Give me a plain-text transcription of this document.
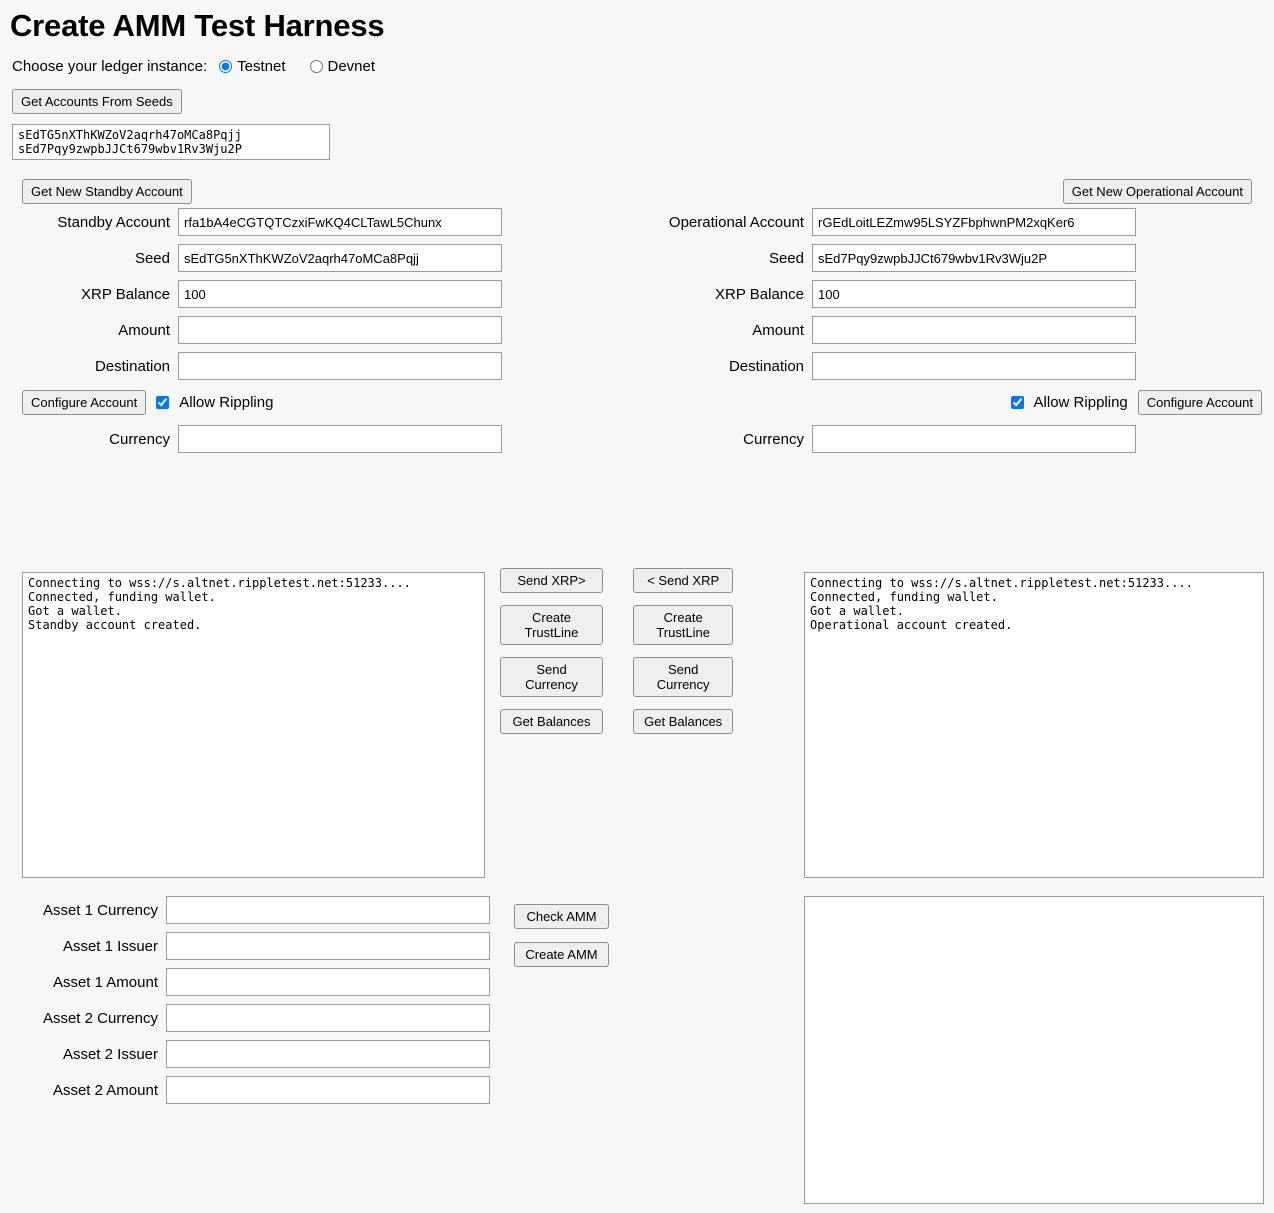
Create AMM Test Harness
Choose your ledger instance: Testnet	Devnet
Get Accounts From Seeds
sEdTG5nXThKWZoV2aqrh47oMCa8Pqjj sEd7Pqy9zwpbJJCt679wbv1Rv3Wju2P
Get New Standby Account
Standby Account
rfa1bA4eCGTQTCzxiFwKQ4CLTawL5Chunx
Seed
sEdTG5nXThKWZoV2aqrh47oMCa8Pqjj
XRP Balance
100
Amount
Destination
Configure Account	Allow Rippling
Currency
Get New Operational Account
Operational Account
rGEdLoitLEZmw95LSYZFbphwnPM2xqKer6
Seed
sEd7Pqy9zwpbJJCt679wbv1Rv3Wju2P
XRP Balance
100
Amount
Destination
Allow Rippling	Configure Account
Currency
Connecting to wss://s.altnet.rippletest.net:51233.... Connected, funding wallet. Got a wallet. Standby account created.
Connecting to wss://s.altnet.rippletest.net:51233.... Connected, funding wallet. Got a wallet. Operational account created.
Send XRP>
Create TrustLine
Send Currency
Get Balances

< Send XRP
Create TrustLine
Send Currency
Get Balances
Asset 1 Currency
Asset 1 Issuer
Asset 1 Amount
Asset 2 Currency
Asset 2 Issuer
Asset 2 Amount
Check AMM
Create AMM
